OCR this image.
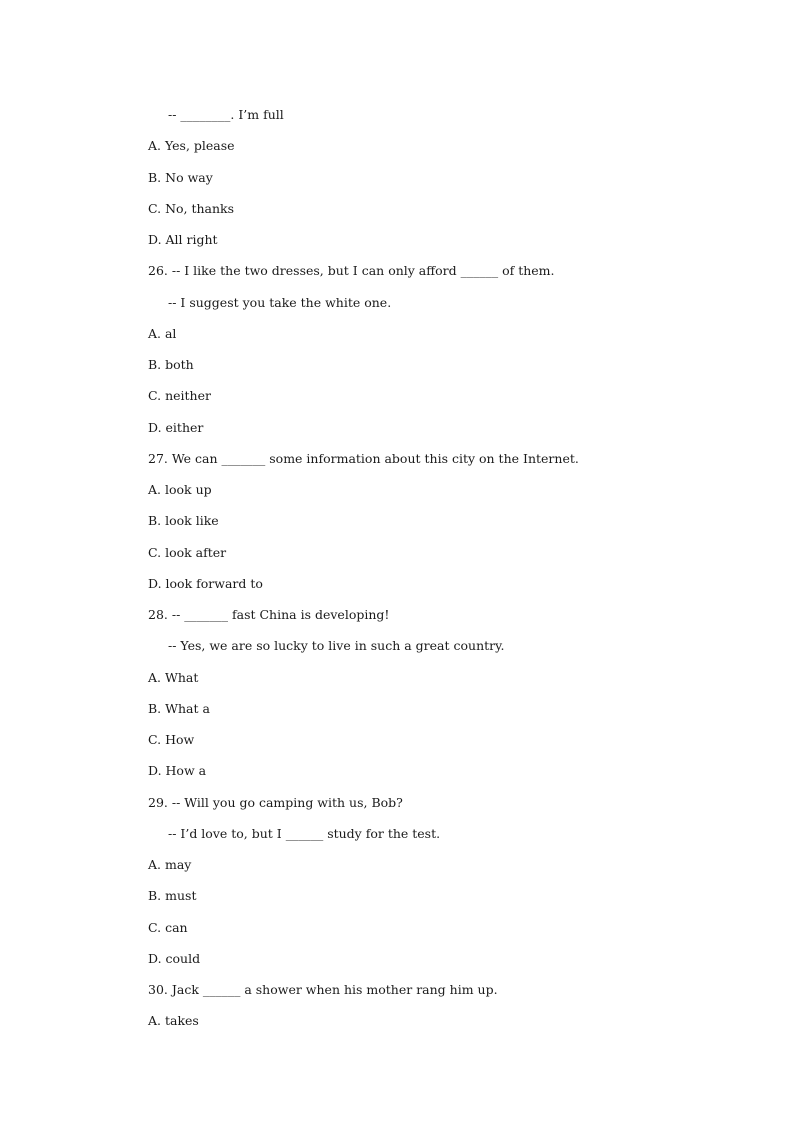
-- ________. I’m full
A. Yes, please
B. No way
C. No, thanks
D. All right
26. -- I like the two dresses, but I can only afford ______ of them.
-- I suggest you take the white one.
A. al
B. both
C. neither
D. either
27. We can _______ some information about this city on the Internet.
A. look up
B. look like
C. look after
D. look forward to
28. -- _______ fast China is developing!
-- Yes, we are so lucky to live in such a great country.
A. What
B. What a
C. How
D. How a
29. -- Will you go camping with us, Bob?
-- I’d love to, but I ______ study for the test.
A. may
B. must
C. can
D. could
30. Jack ______ a shower when his mother rang him up.
A. takes
